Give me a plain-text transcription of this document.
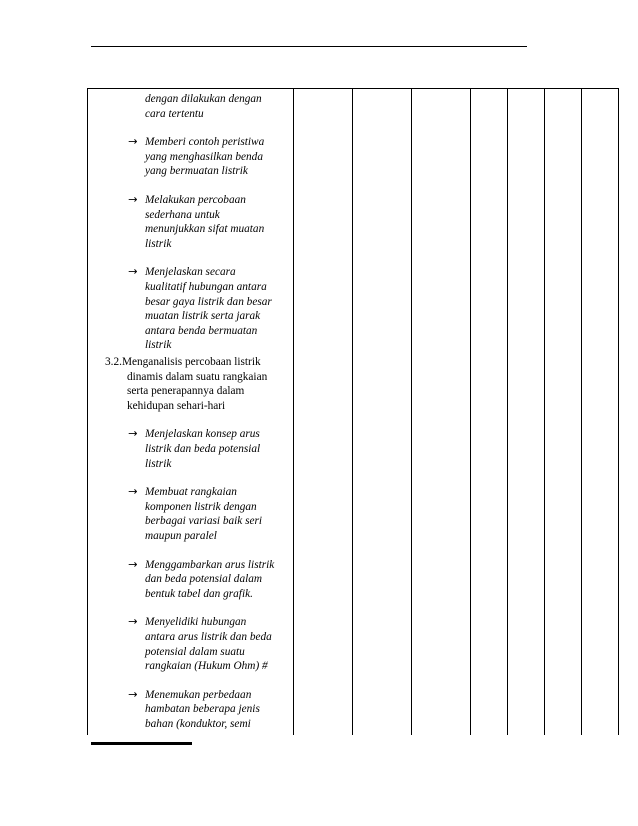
dengan dilakukan dengan
cara tertentu
→ Memberi contoh peristiwa
yang menghasilkan benda
yang bermuatan listrik
→ Melakukan percobaan
sederhana untuk
menunjukkan sifat muatan
listrik
→ Menjelaskan secara
kualitatif hubungan antara
besar gaya listrik dan besar
muatan listrik serta jarak
antara benda bermuatan
listrik
3.2.Menganalisis percobaan listrik
dinamis dalam suatu rangkaian
serta penerapannya dalam
kehidupan sehari-hari
→ Menjelaskan konsep arus
listrik dan beda potensial
listrik
→ Membuat rangkaian
komponen listrik dengan
berbagai variasi baik seri
maupun paralel
→ Menggambarkan arus listrik
dan beda potensial dalam
bentuk tabel dan grafik.
→ Menyelidiki hubungan
antara arus listrik dan beda
potensial dalam suatu
rangkaian (Hukum Ohm) #
→ Menemukan perbedaan
hambatan beberapa jenis
bahan (konduktor, semi
